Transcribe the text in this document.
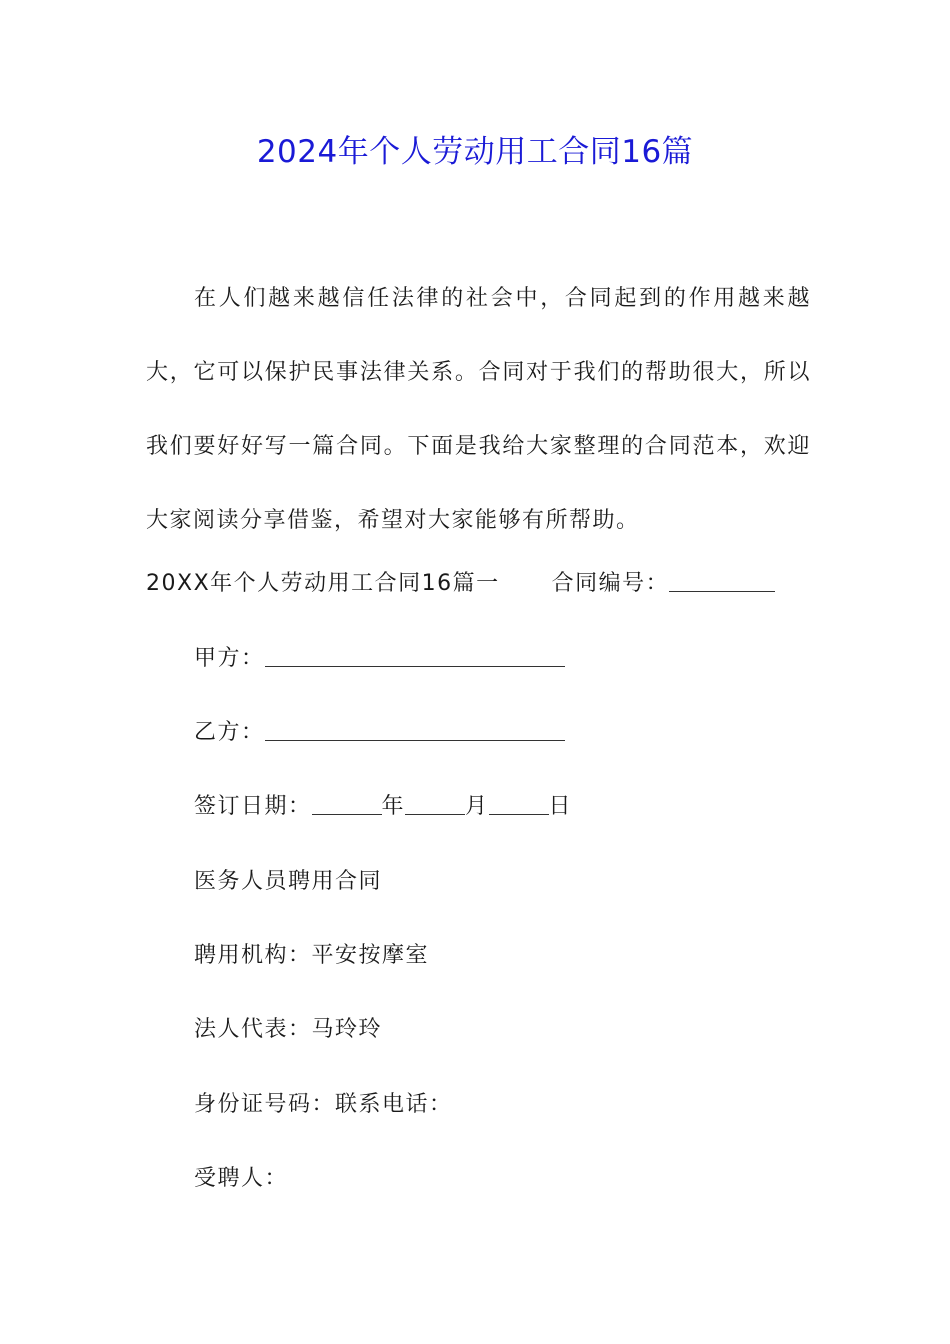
2024年个人劳动用工合同16篇

在人们越来越信任法律的社会中，合同起到的作用越来越大，它可以保护民事法律关系。合同对于我们的帮助很大，所以我们要好好写一篇合同。下面是我给大家整理的合同范本，欢迎大家阅读分享借鉴，希望对大家能够有所帮助。

20XX年个人劳动用工合同16篇一 合同编号：
甲方：
乙方：
签订日期：	年	月	日
医务人员聘用合同
聘用机构：平安按摩室
法人代表：马玲玲
身份证号码：联系电话：
受聘人：
